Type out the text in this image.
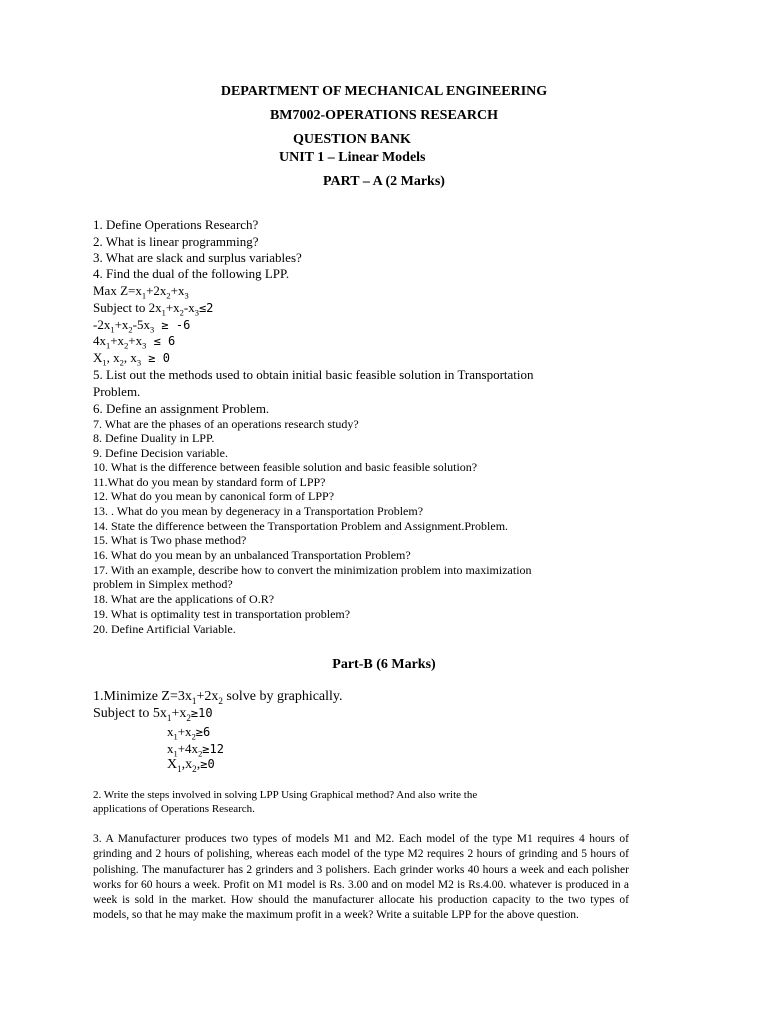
DEPARTMENT OF MECHANICAL ENGINEERING
BM7002-OPERATIONS RESEARCH
QUESTION BANK
UNIT 1 – Linear Models
PART – A (2 Marks)
1. Define Operations Research?
2. What is linear programming?
3. What are slack and surplus variables?
4. Find the dual of the following LPP.
Max $Z=x_1+2x_2+x_3$
Subject to $2x_1+x_2-x_3\le 2$
$-2x_1+x_2-5x_3 \ge -6$
$4x_1+x_2+x_3 \le 6$
$X_1$, $x_2$, $x_3 \ge 0$
5. List out the methods used to obtain initial basic feasible solution in Transportation
Problem.
6. Define an assignment Problem.
7. What are the phases of an operations research study?
8. Define Duality in LPP.
9. Define Decision variable.
10. What is the difference between feasible solution and basic feasible solution?
11.What do you mean by standard form of LPP?
12. What do you mean by canonical form of LPP?
13. . What do you mean by degeneracy in a Transportation Problem?
14. State the difference between the Transportation Problem and Assignment.Problem.
15. What is Two phase method?
16. What do you mean by an unbalanced Transportation Problem?
17. With an example, describe how to convert the minimization problem into maximization
problem in Simplex method?
18. What are the applications of O.R?
19. What is optimality test in transportation problem?
20. Define Artificial Variable.
Part-B (6 Marks)
1.Minimize $Z=3x_1+2x_2$ solve by graphically.
Subject to $5x_1+x_2\ge 10$
$x_1+x_2\ge 6$
$x_1+4x_2\ge 12$
$X_1,x_2,\ge 0$
2. Write the steps involved in solving LPP Using Graphical method? And also write the
applications of Operations Research.
3. A Manufacturer produces two types of models M1 and M2. Each model of the type M1 requires 4 hours of grinding and 2 hours of polishing, whereas each model of the type M2 requires 2 hours of grinding and 5 hours of polishing. The manufacturer has 2 grinders and 3 polishers. Each grinder works 40 hours a week and each polisher works for 60 hours a week. Profit on M1 model is Rs. 3.00 and on model M2 is Rs.4.00. whatever is produced in a week is sold in the market. How should the manufacturer allocate his production capacity to the two types of models, so that he may make the maximum profit in a week? Write a suitable LPP for the above question.
